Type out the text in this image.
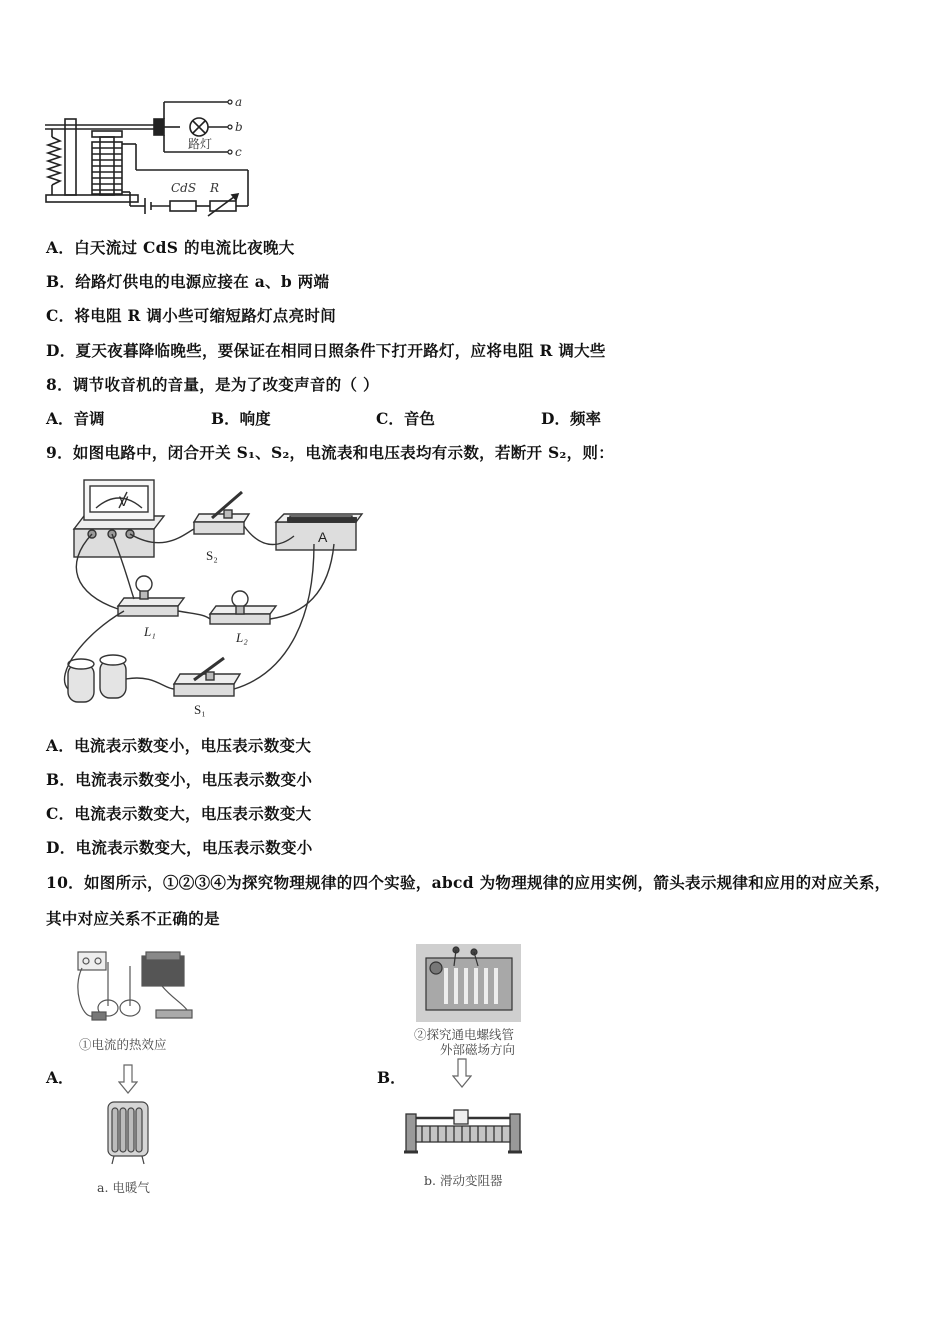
a
b
c
路灯
CdS R
A．白天流过 CdS 的电流比夜晚大
B．给路灯供电的电源应接在 a、b 两端
C．将电阻 R 调小些可缩短路灯点亮时间
D．夏天夜暮降临晚些，要保证在相同日照条件下打开路灯，应将电阻 R 调大些
8．调节收音机的音量，是为了改变声音的（ ）
A．音调	B．响度	C．音色	D．频率
9．如图电路中，闭合开关 S₁、S₂，电流表和电压表均有示数，若断开 S₂，则：
V
A
S₂
L₁	L₂
S₁
A．电流表示数变小，电压表示数变大
B．电流表示数变小，电压表示数变小
C．电流表示数变大，电压表示数变大
D．电流表示数变大，电压表示数变小
10．如图所示，①②③④为探究物理规律的四个实验，abcd 为物理规律的应用实例，箭头表示规律和应用的对应关系，
其中对应关系不正确的是
①电流的热效应
A．
a. 电暖气
②探究通电螺线管
外部磁场方向
B．
b. 滑动变阻器
